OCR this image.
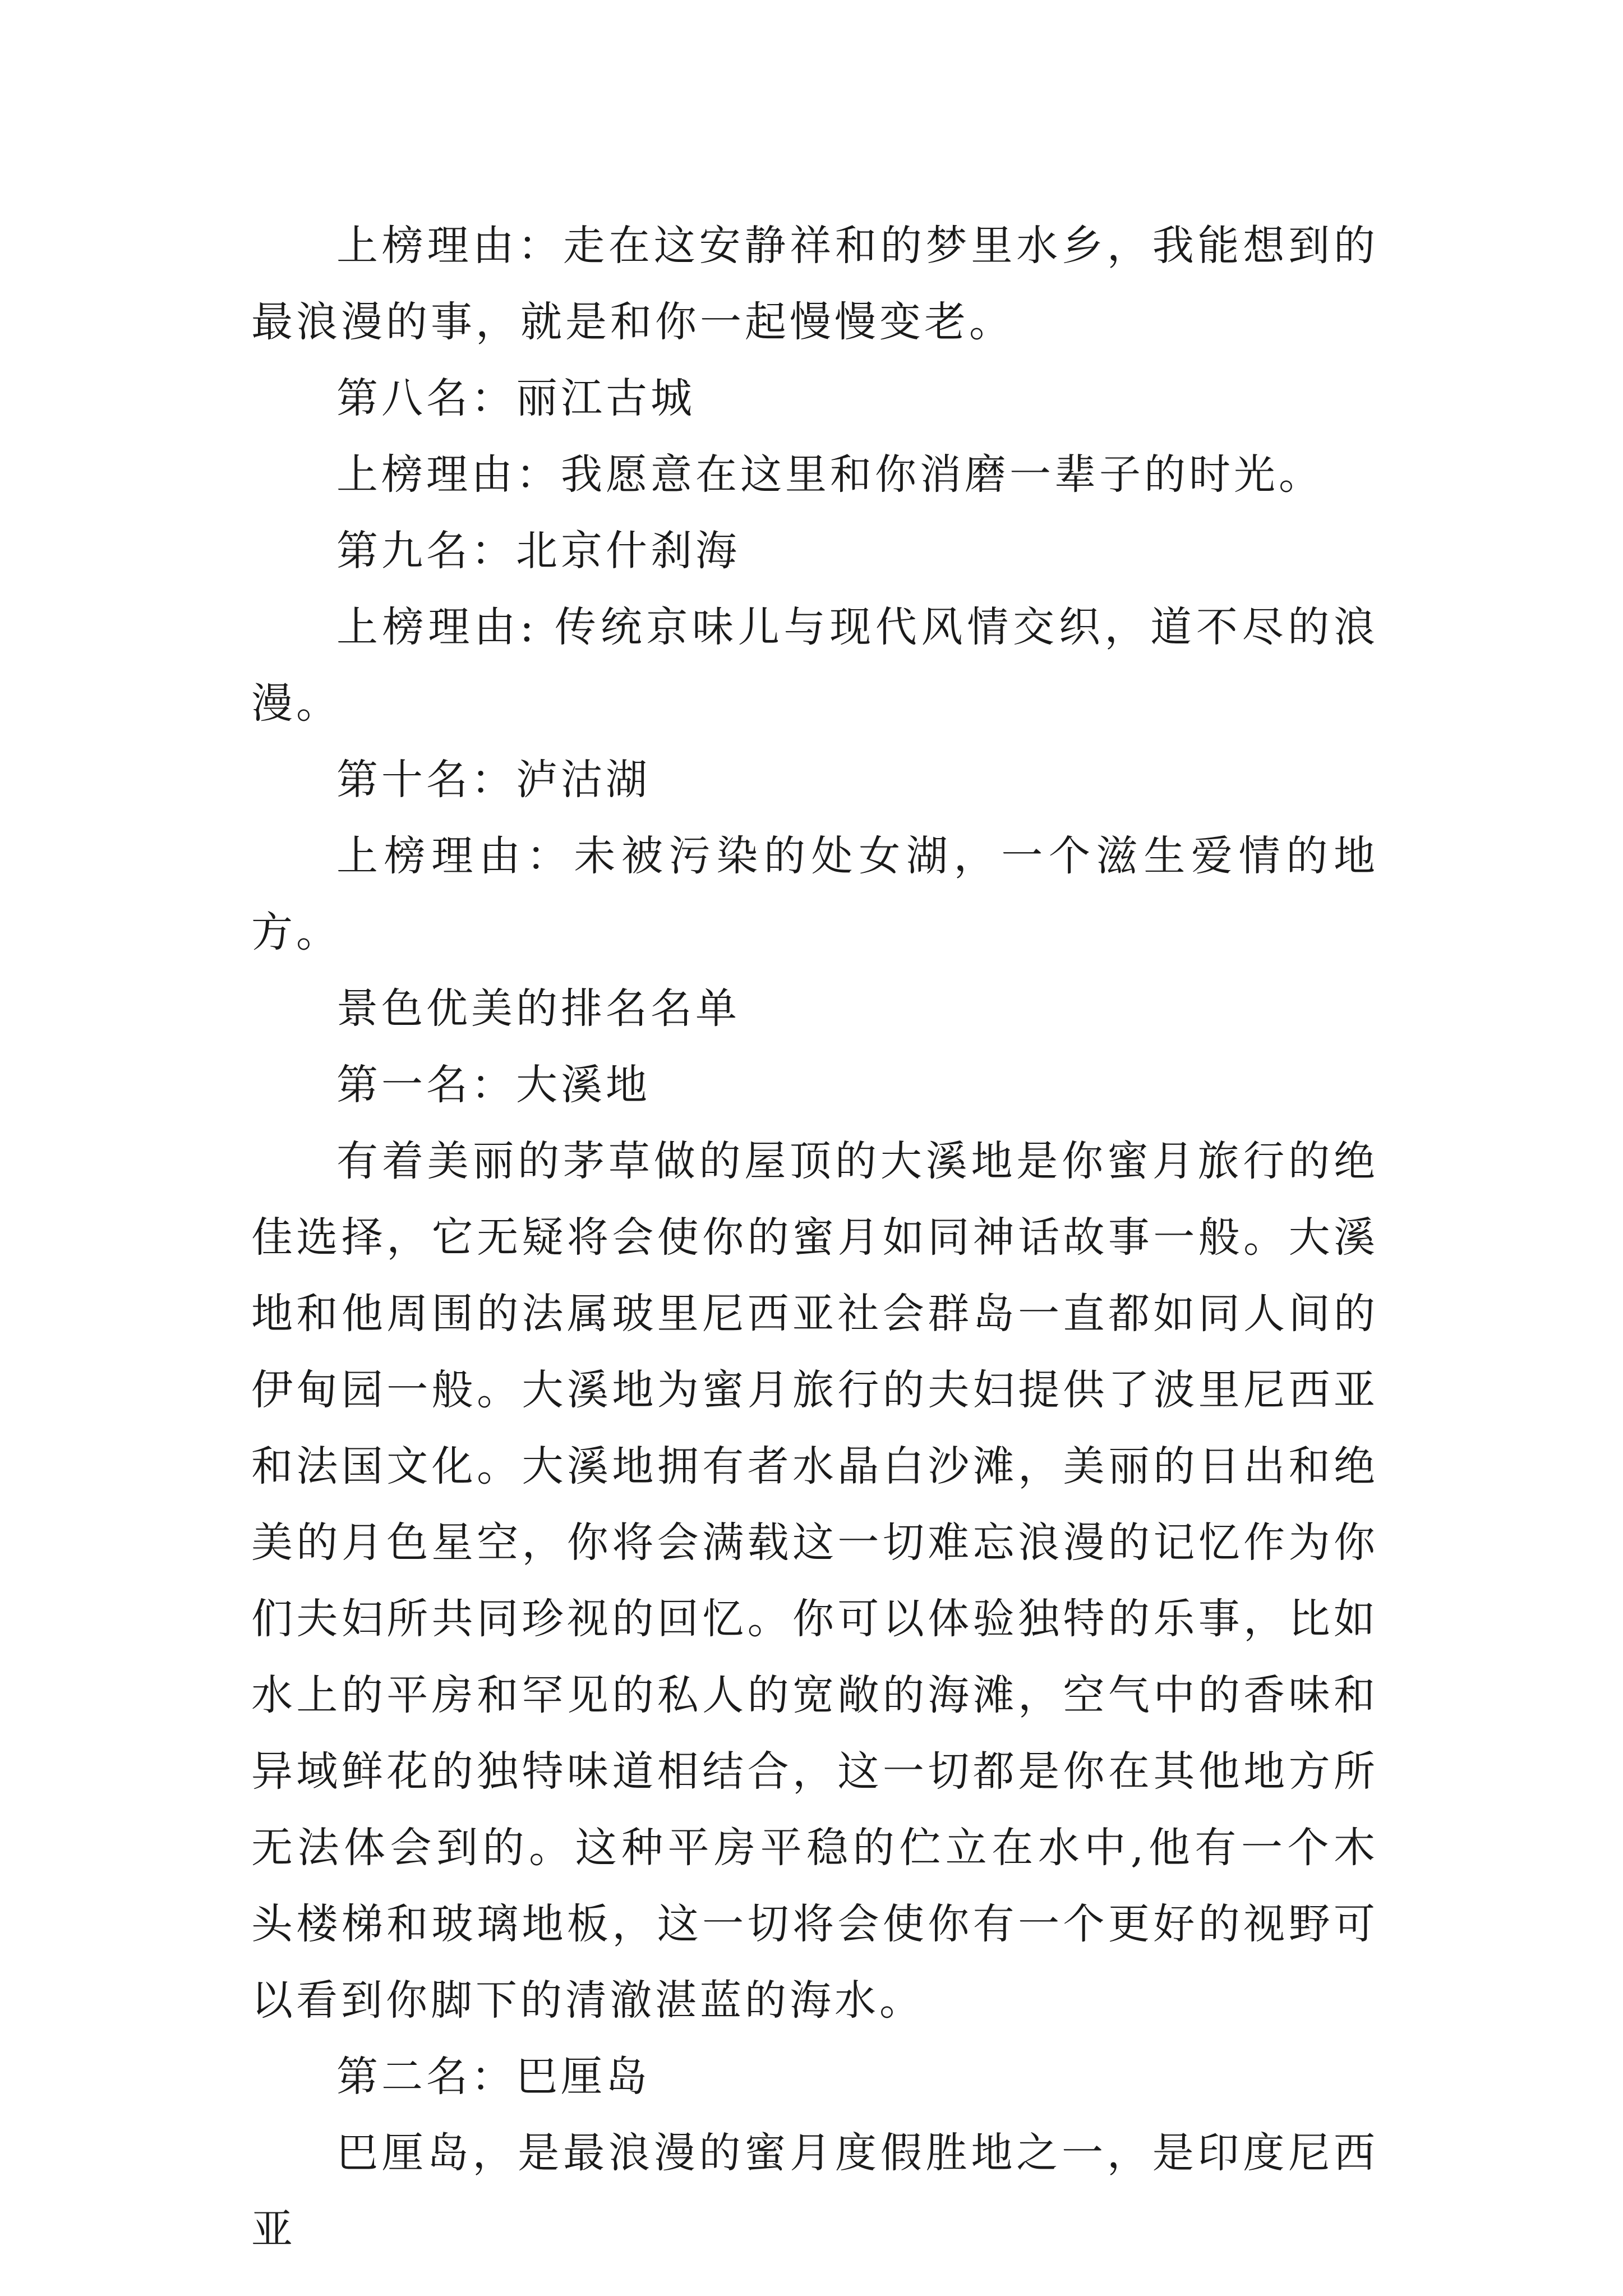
上榜理由：走在这安静祥和的梦里水乡，我能想到的最浪漫的事，就是和你一起慢慢变老。

第八名：丽江古城

上榜理由：我愿意在这里和你消磨一辈子的时光。

第九名：北京什刹海

上榜理由: 传统京味儿与现代风情交织，道不尽的浪漫。

第十名：泸沽湖

上榜理由：未被污染的处女湖，一个滋生爱情的地方。

景色优美的排名名单

第一名：大溪地

有着美丽的茅草做的屋顶的大溪地是你蜜月旅行的绝佳选择，它无疑将会使你的蜜月如同神话故事一般。大溪地和他周围的法属玻里尼西亚社会群岛一直都如同人间的伊甸园一般。大溪地为蜜月旅行的夫妇提供了波里尼西亚和法国文化。大溪地拥有者水晶白沙滩，美丽的日出和绝美的月色星空，你将会满载这一切难忘浪漫的记忆作为你们夫妇所共同珍视的回忆。你可以体验独特的乐事，比如水上的平房和罕见的私人的宽敞的海滩，空气中的香味和异域鲜花的独特味道相结合，这一切都是你在其他地方所无法体会到的。这种平房平稳的伫立在水中,他有一个木头楼梯和玻璃地板，这一切将会使你有一个更好的视野可以看到你脚下的清澈湛蓝的海水。

第二名：巴厘岛

巴厘岛，是最浪漫的蜜月度假胜地之一，是印度尼西亚
